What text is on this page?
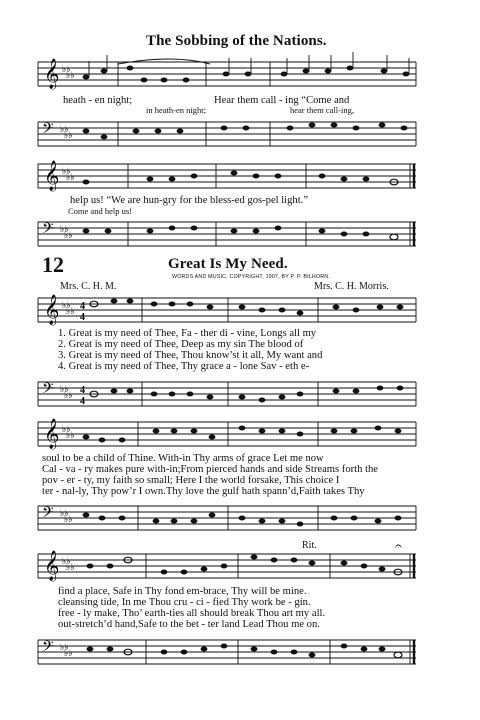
The Sobbing of the Nations.
𝄞 ♭♭
♭♭
heath - en night;
in heath-en night;
Hear them call - ing “Come and
hear them call-ing,
𝄢 ♭♭
♭♭
𝄞 ♭♭
♭♭
help us! “We are hun-gry for the bless-ed gos-pel light.”
Come and help us!
𝄢 ♭♭
♭♭
12	Great Is My Need.
WORDS AND MUSIC, COPYRIGHT, 1907, BY P. P. BILHORN.
Mrs. C. H. M.	Mrs. C. H. Morris.
𝄞 ♭♭
♭♭ 4
4
1. Great is my need of Thee, Fa - ther di - vine, Longs all my
2. Great is my need of Thee, Deep as my sin The blood of
3. Great is my need of Thee, Thou know’st it all, My want and
4. Great is my need of Thee, Thy grace a - lone Sav - eth e-
𝄢 ♭♭
♭♭ 4
4
𝄞 ♭♭
♭♭
soul to be a child of Thine. With-in Thy arms of grace Let me now
Cal - va - ry makes pure with-in;From pierced hands and side Streams forth the
pov - er - ty, my faith so small; Here I the world forsake, This choice I
ter - nal-ly, Thy pow’r I own.Thy love the gulf hath spann’d,Faith takes Thy
𝄢 ♭♭
♭♭
Rit.
𝄞 ♭♭
♭♭
𝄐
find a place, Safe in Thy fond em-brace, Thy will be mine.
cleansing tide, In me Thou cru - ci - fied Thy work be - gin.
free - ly make, Tho’ earth-ties all should break Thou art my all.
out-stretch’d hand,Safe to the bet - ter land Lead Thou me on.
𝄢 ♭♭
♭♭
